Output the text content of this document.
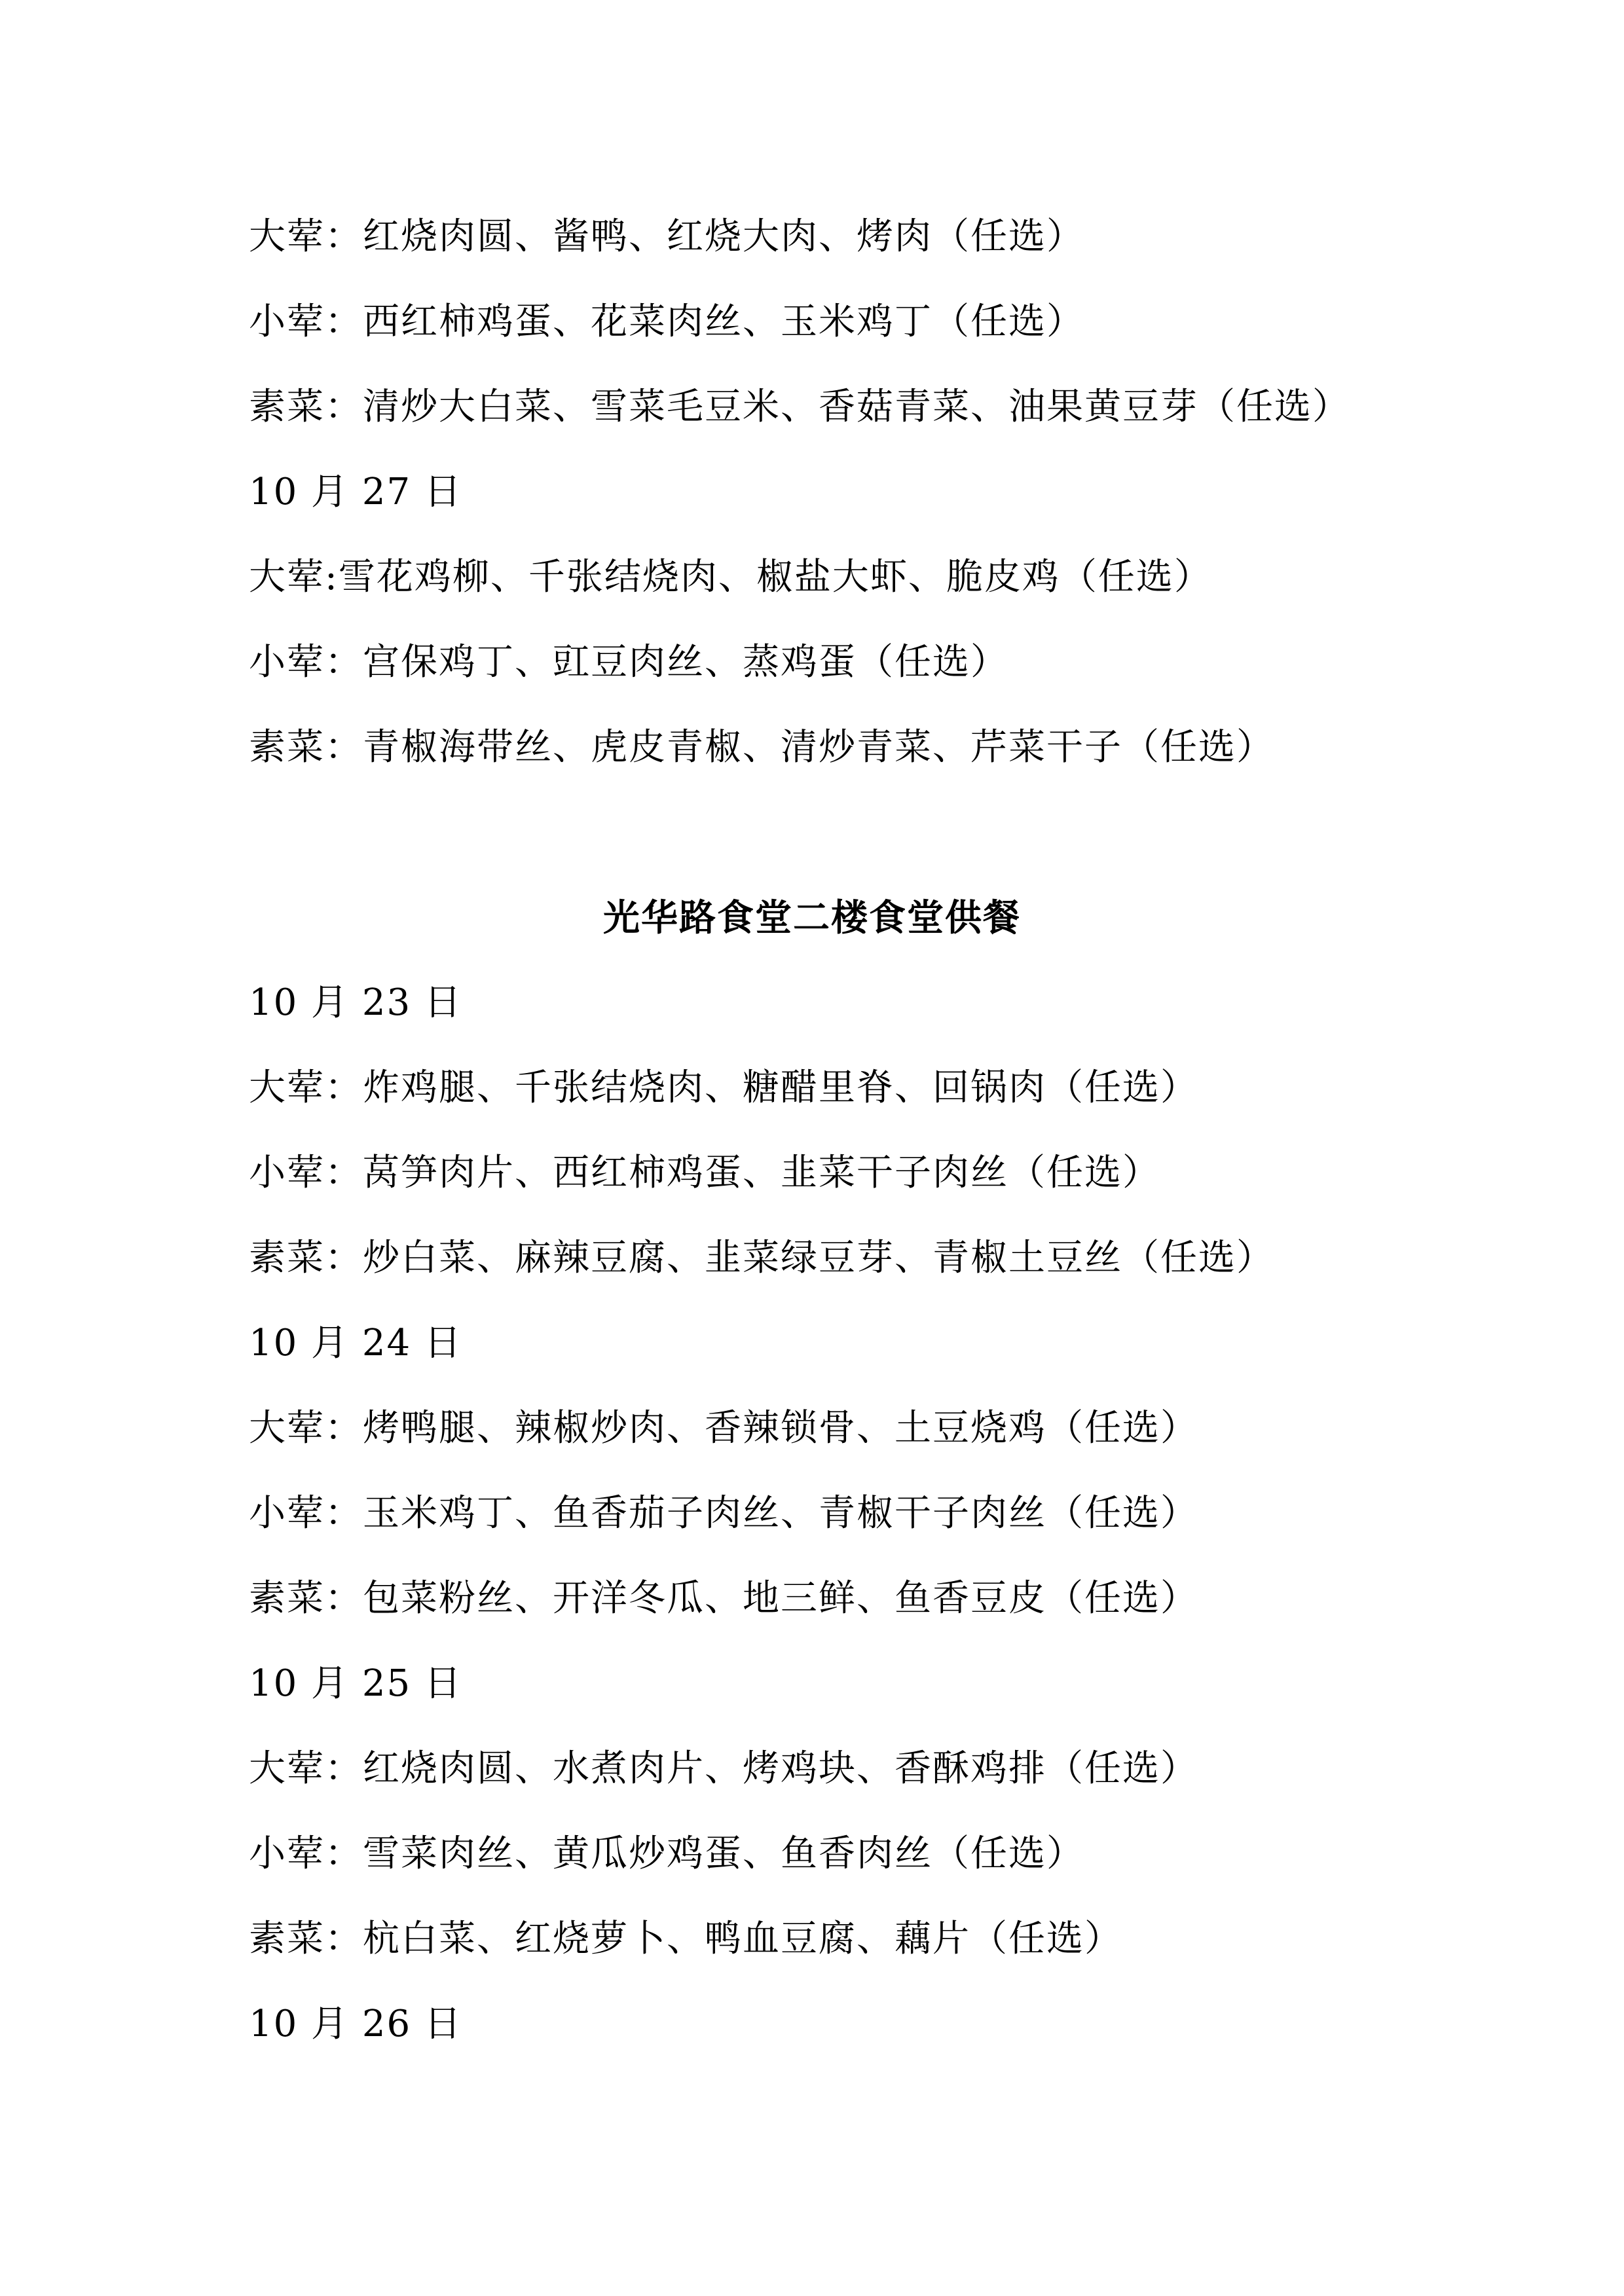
大荤：红烧肉圆、酱鸭、红烧大肉、烤肉（任选）
小荤：西红柿鸡蛋、花菜肉丝、玉米鸡丁（任选）
素菜：清炒大白菜、雪菜毛豆米、香菇青菜、油果黄豆芽（任选）
10 月 27 日
大荤:雪花鸡柳、千张结烧肉、椒盐大虾、脆皮鸡（任选）
小荤：宫保鸡丁、豇豆肉丝、蒸鸡蛋（任选）
素菜：青椒海带丝、虎皮青椒、清炒青菜、芹菜干子（任选）
光华路食堂二楼食堂供餐
10 月 23 日
大荤：炸鸡腿、千张结烧肉、糖醋里脊、回锅肉（任选）
小荤：莴笋肉片、西红柿鸡蛋、韭菜干子肉丝（任选）
素菜：炒白菜、麻辣豆腐、韭菜绿豆芽、青椒土豆丝（任选）
10 月 24 日
大荤：烤鸭腿、辣椒炒肉、香辣锁骨、土豆烧鸡（任选）
小荤：玉米鸡丁、鱼香茄子肉丝、青椒干子肉丝（任选）
素菜：包菜粉丝、开洋冬瓜、地三鲜、鱼香豆皮（任选）
10 月 25 日
大荤：红烧肉圆、水煮肉片、烤鸡块、香酥鸡排（任选）
小荤：雪菜肉丝、黄瓜炒鸡蛋、鱼香肉丝（任选）
素菜：杭白菜、红烧萝卜、鸭血豆腐、藕片（任选）
10 月 26 日
